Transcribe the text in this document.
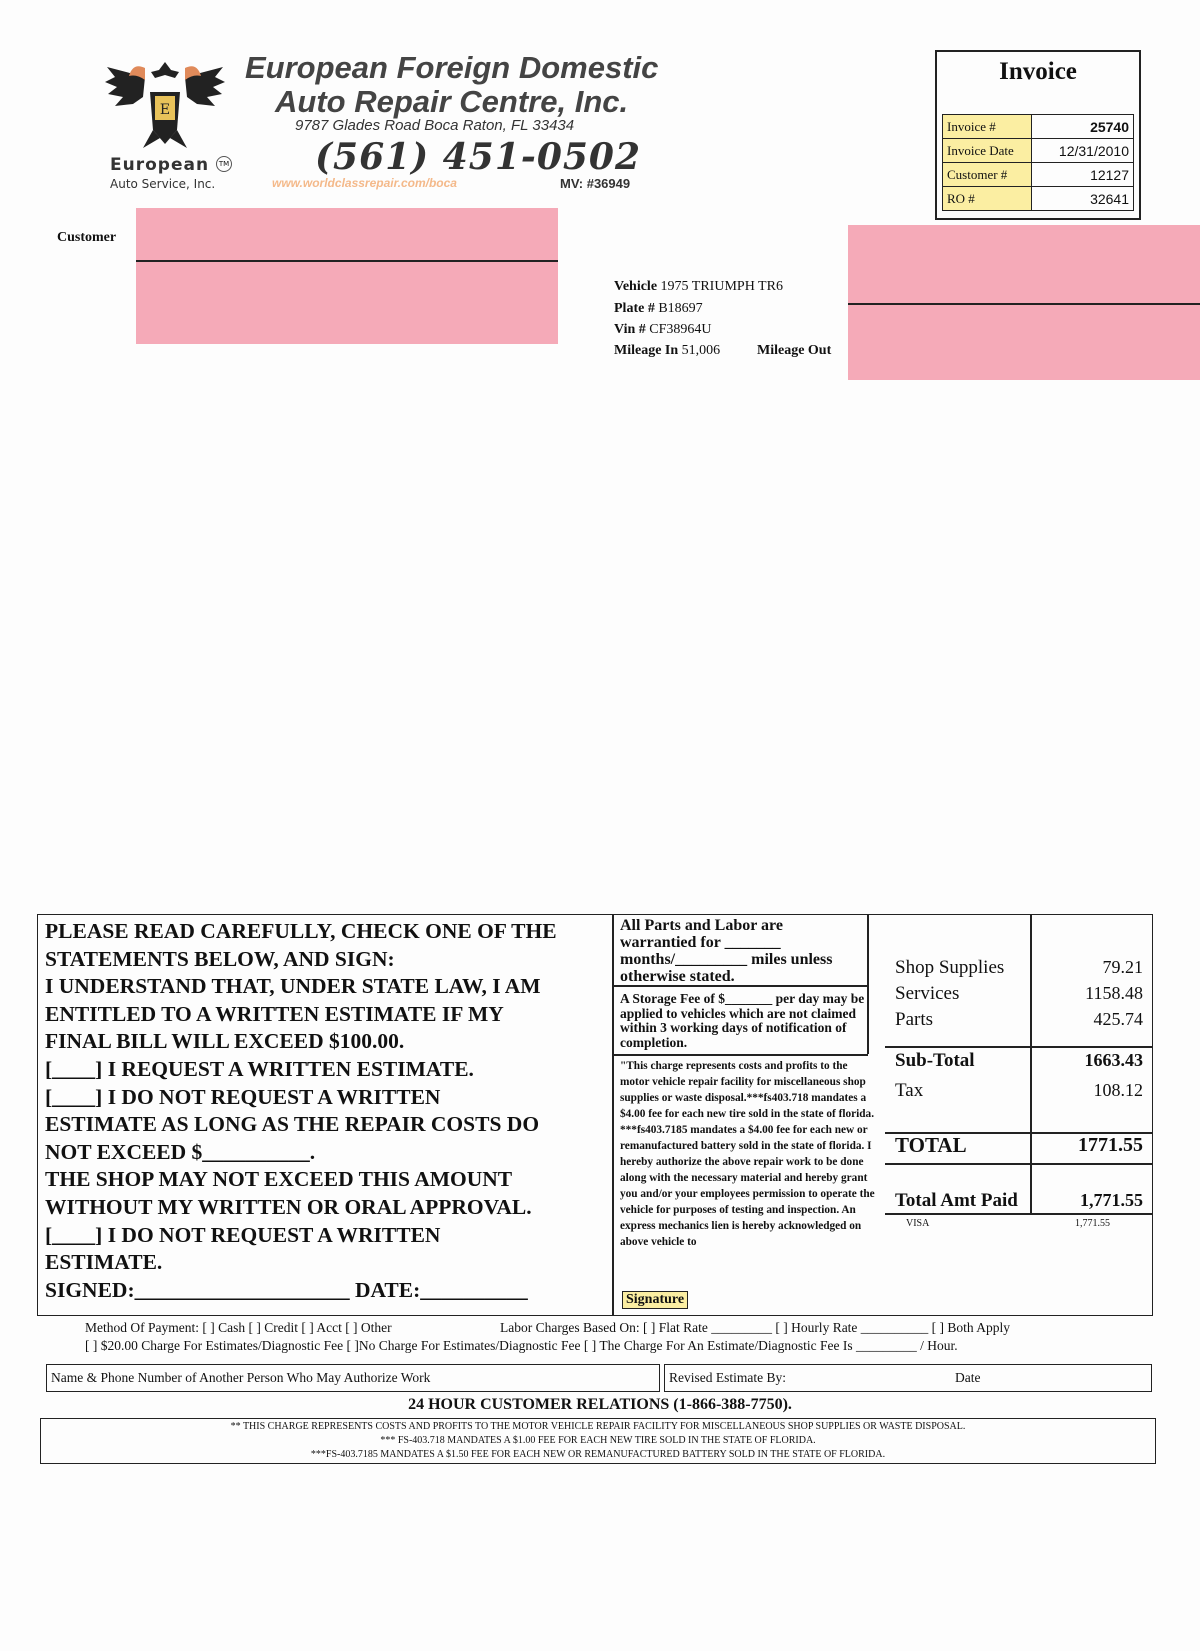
E
European	TM
Auto Service, Inc.
European Foreign Domestic
Auto Repair Centre, Inc.
9787 Glades Road Boca Raton, FL 33434
(561) 451-0502
www.worldclassrepair.com/boca	MV: #36949
Invoice
Invoice #	25740
Invoice Date	12/31/2010
Customer #	12127
RO #	32641
Customer
Vehicle 1975 TRIUMPH TR6
Plate # B18697
Vin # CF38964U
Mileage In 51,006	Mileage Out
PLEASE READ CAREFULLY, CHECK ONE OF THE
STATEMENTS BELOW, AND SIGN:
I UNDERSTAND THAT, UNDER STATE LAW, I AM
ENTITLED TO A WRITTEN ESTIMATE IF MY
FINAL BILL WILL EXCEED $100.00.
[____] I REQUEST A WRITTEN ESTIMATE.
[____] I DO NOT REQUEST A WRITTEN
ESTIMATE AS LONG AS THE REPAIR COSTS DO
NOT EXCEED $__________.
THE SHOP MAY NOT EXCEED THIS AMOUNT
WITHOUT MY WRITTEN OR ORAL APPROVAL.
[____] I DO NOT REQUEST A WRITTEN
ESTIMATE.
SIGNED:____________________ DATE:__________
All Parts and Labor are warrantied for _______ months/_________ miles unless otherwise stated.
A Storage Fee of $_______ per day may be applied to vehicles which are not claimed within 3 working days of notification of completion.
"This charge represents costs and profits to the motor vehicle repair facility for miscellaneous shop supplies or waste disposal.***fs403.718 mandates a $4.00 fee for each new tire sold in the state of florida. ***fs403.7185 mandates a $4.00 fee for each new or remanufactured battery sold in the state of florida. I hereby authorize the above repair work to be done along with the necessary material and hereby grant you and/or your employees permission to operate the vehicle for purposes of testing and inspection. An express mechanics lien is hereby acknowledged on above vehicle to
Signature
Shop Supplies	79.21
Services	1158.48
Parts	425.74
Sub-Total	1663.43
Tax	108.12
TOTAL	1771.55
Total Amt Paid	1,771.55
VISA	1,771.55
Method Of Payment: [ ] Cash [ ] Credit [ ] Acct [ ] Other	Labor Charges Based On: [ ] Flat Rate _________ [ ] Hourly Rate __________ [ ] Both Apply
[ ] $20.00 Charge For Estimates/Diagnostic Fee [ ]No Charge For Estimates/Diagnostic Fee [ ] The Charge For An Estimate/Diagnostic Fee Is _________ / Hour.
Name & Phone Number of Another Person Who May Authorize Work	Revised Estimate By:	Date
24 HOUR CUSTOMER RELATIONS (1-866-388-7750).
** THIS CHARGE REPRESENTS COSTS AND PROFITS TO THE MOTOR VEHICLE REPAIR FACILITY FOR MISCELLANEOUS SHOP SUPPLIES OR WASTE DISPOSAL.
*** FS-403.718 MANDATES A $1.00 FEE FOR EACH NEW TIRE SOLD IN THE STATE OF FLORIDA.
***FS-403.7185 MANDATES A $1.50 FEE FOR EACH NEW OR REMANUFACTURED BATTERY SOLD IN THE STATE OF FLORIDA.
